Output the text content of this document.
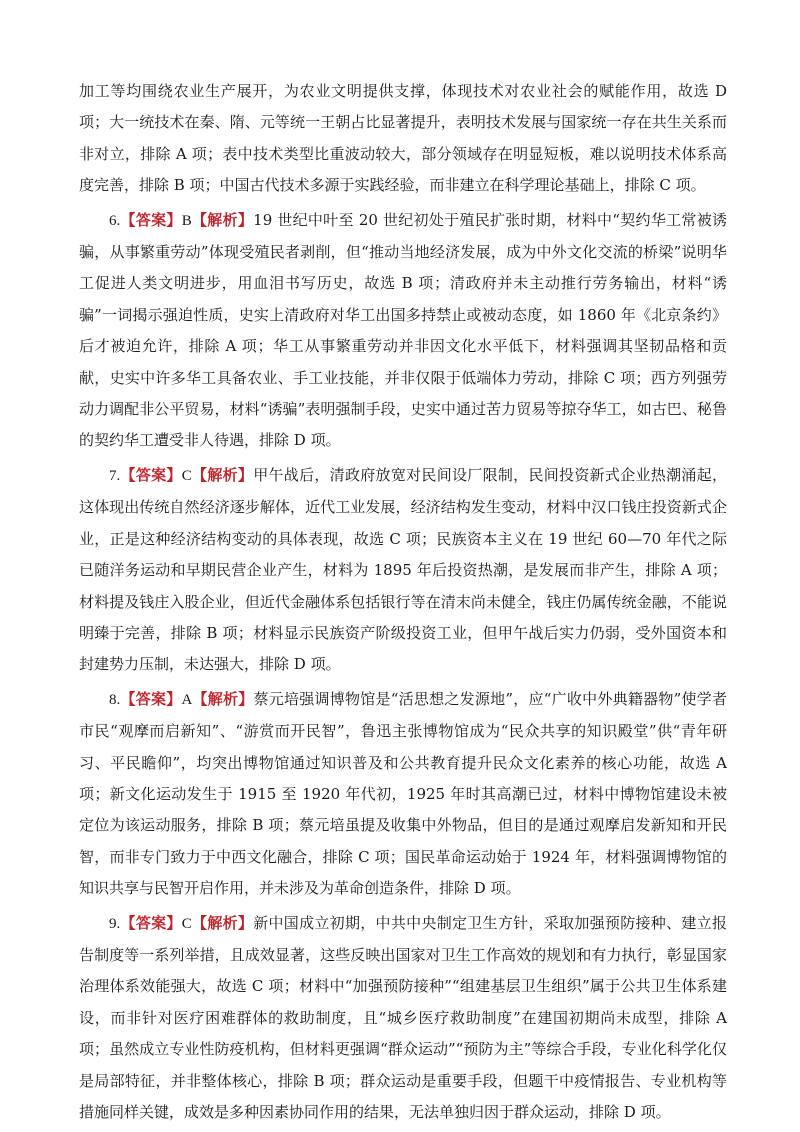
加工等均围绕农业生产展开，为农业文明提供支撑，体现技术对农业社会的赋能作用，故选 D 项；大一统技术在秦、隋、元等统一王朝占比显著提升，表明技术发展与国家统一存在共生关系而非对立，排除 A 项；表中技术类型比重波动较大，部分领域存在明显短板，难以说明技术体系高度完善，排除 B 项；中国古代技术多源于实践经验，而非建立在科学理论基础上，排除 C 项。

6.【答案】B【解析】19 世纪中叶至 20 世纪初处于殖民扩张时期，材料中“契约华工常被诱骗，从事繁重劳动”体现受殖民者剥削，但“推动当地经济发展，成为中外文化交流的桥梁”说明华工促进人类文明进步，用血泪书写历史，故选 B 项；清政府并未主动推行劳务输出，材料“诱骗”一词揭示强迫性质，史实上清政府对华工出国多持禁止或被动态度，如 1860 年《北京条约》后才被迫允许，排除 A 项；华工从事繁重劳动并非因文化水平低下，材料强调其坚韧品格和贡献，史实中许多华工具备农业、手工业技能，并非仅限于低端体力劳动，排除 C 项；西方列强劳动力调配非公平贸易，材料“诱骗”表明强制手段，史实中通过苦力贸易等掠夺华工，如古巴、秘鲁的契约华工遭受非人待遇，排除 D 项。

7.【答案】C【解析】甲午战后，清政府放宽对民间设厂限制，民间投资新式企业热潮涌起，这体现出传统自然经济逐步解体，近代工业发展，经济结构发生变动，材料中汉口钱庄投资新式企业，正是这种经济结构变动的具体表现，故选 C 项；民族资本主义在 19 世纪 60—70 年代之际已随洋务运动和早期民营企业产生，材料为 1895 年后投资热潮，是发展而非产生，排除 A 项；材料提及钱庄入股企业，但近代金融体系包括银行等在清末尚未健全，钱庄仍属传统金融，不能说明臻于完善，排除 B 项；材料显示民族资产阶级投资工业，但甲午战后实力仍弱，受外国资本和封建势力压制，未达强大，排除 D 项。

8.【答案】A【解析】蔡元培强调博物馆是“活思想之发源地”，应“广收中外典籍器物”使学者市民“观摩而启新知”、“游赏而开民智”，鲁迅主张博物馆成为“民众共享的知识殿堂”供“青年研习、平民瞻仰”，均突出博物馆通过知识普及和公共教育提升民众文化素养的核心功能，故选 A 项；新文化运动发生于 1915 至 1920 年代初，1925 年时其高潮已过，材料中博物馆建设未被定位为该运动服务，排除 B 项；蔡元培虽提及收集中外物品，但目的是通过观摩启发新知和开民智，而非专门致力于中西文化融合，排除 C 项；国民革命运动始于 1924 年，材料强调博物馆的知识共享与民智开启作用，并未涉及为革命创造条件，排除 D 项。

9.【答案】C【解析】新中国成立初期，中共中央制定卫生方针，采取加强预防接种、建立报告制度等一系列举措，且成效显著，这些反映出国家对卫生工作高效的规划和有力执行，彰显国家治理体系效能强大，故选 C 项；材料中“加强预防接种”“组建基层卫生组织”属于公共卫生体系建设，而非针对医疗困难群体的救助制度，且“城乡医疗救助制度”在建国初期尚未成型，排除 A 项；虽然成立专业性防疫机构，但材料更强调“群众运动”“预防为主”等综合手段，专业化科学化仅是局部特征，并非整体核心，排除 B 项；群众运动是重要手段，但题干中疫情报告、专业机构等措施同样关键，成效是多种因素协同作用的结果，无法单独归因于群众运动，排除 D 项。
